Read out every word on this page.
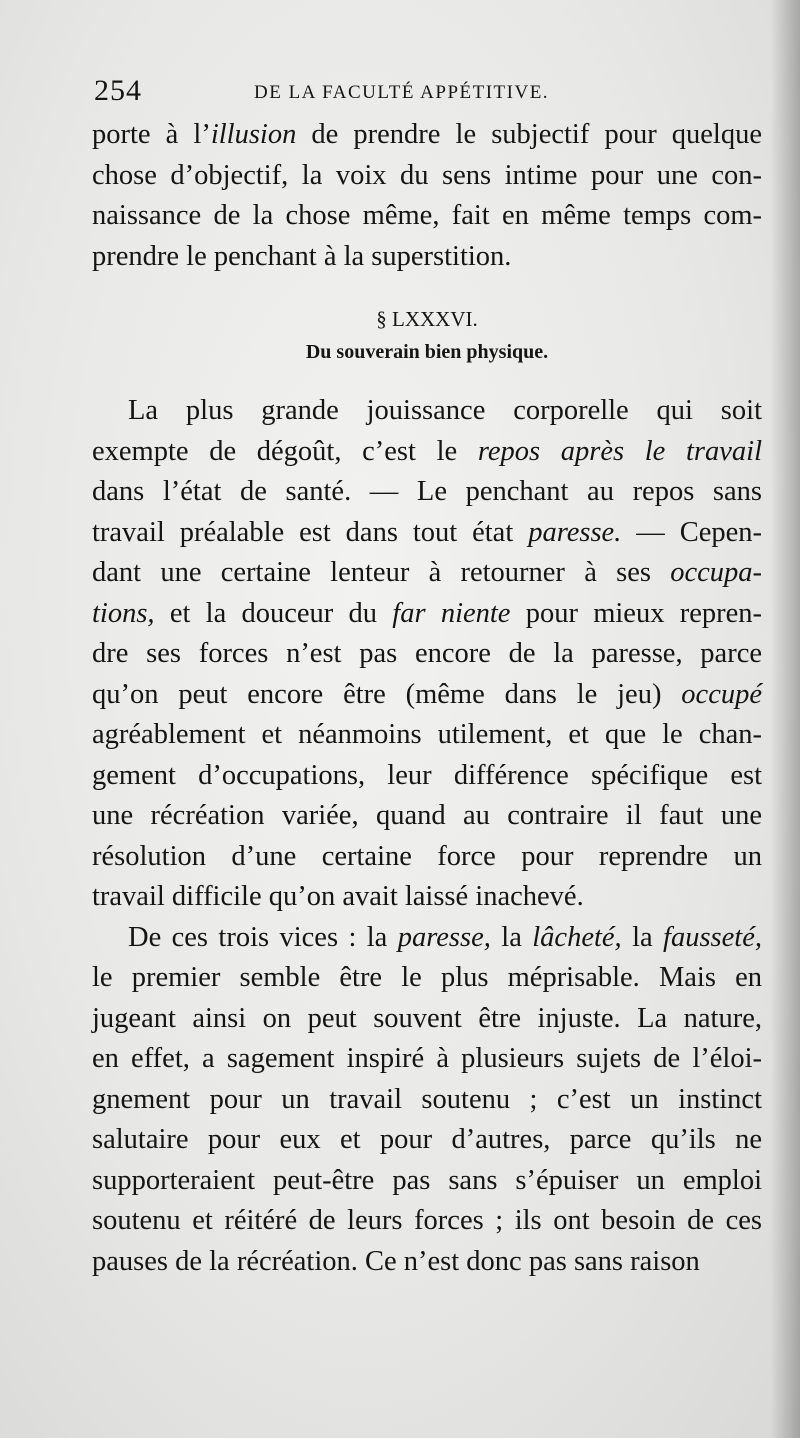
254	DE LA FACULTÉ APPÉTITIVE.
porte à l’illusion de prendre le subjectif pour quelque
chose d’objectif, la voix du sens intime pour une con-
naissance de la chose même, fait en même temps com-
prendre le penchant à la superstition.
§ LXXXVI.
Du souverain bien physique.
La plus grande jouissance corporelle qui soit
exempte de dégoût, c’est le repos après le travail
dans l’état de santé. — Le penchant au repos sans
travail préalable est dans tout état paresse. — Cepen-
dant une certaine lenteur à retourner à ses occupa-
tions, et la douceur du far niente pour mieux repren-
dre ses forces n’est pas encore de la paresse, parce
qu’on peut encore être (même dans le jeu) occupé
agréablement et néanmoins utilement, et que le chan-
gement d’occupations, leur différence spécifique est
une récréation variée, quand au contraire il faut une
résolution d’une certaine force pour reprendre un
travail difficile qu’on avait laissé inachevé.
De ces trois vices : la paresse, la lâcheté, la fausseté,
le premier semble être le plus méprisable. Mais en
jugeant ainsi on peut souvent être injuste. La nature,
en effet, a sagement inspiré à plusieurs sujets de l’éloi-
gnement pour un travail soutenu ; c’est un instinct
salutaire pour eux et pour d’autres, parce qu’ils ne
supporteraient peut-être pas sans s’épuiser un emploi
soutenu et réitéré de leurs forces ; ils ont besoin de ces
pauses de la récréation. Ce n’est donc pas sans raison
